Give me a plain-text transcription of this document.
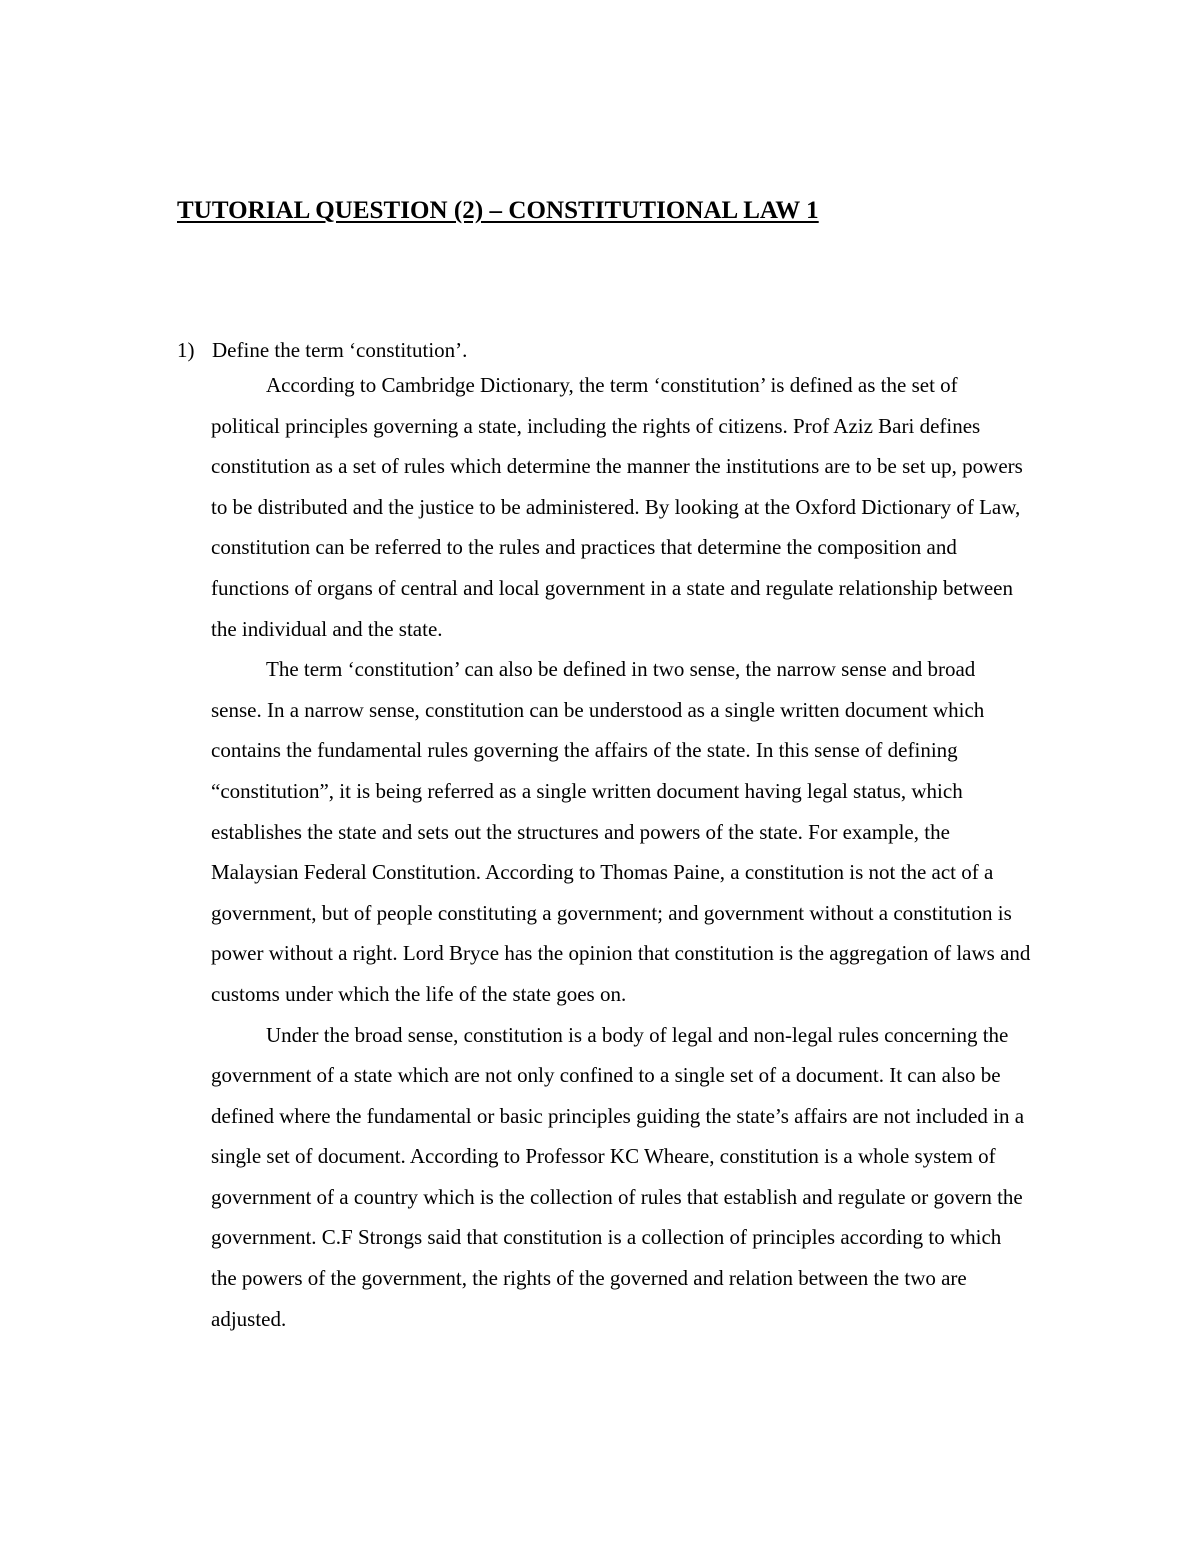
TUTORIAL QUESTION (2) – CONSTITUTIONAL LAW 1

1) Define the term ‘constitution’.

According to Cambridge Dictionary, the term ‘constitution’ is defined as the set of political principles governing a state, including the rights of citizens. Prof Aziz Bari defines constitution as a set of rules which determine the manner the institutions are to be set up, powers to be distributed and the justice to be administered. By looking at the Oxford Dictionary of Law, constitution can be referred to the rules and practices that determine the composition and functions of organs of central and local government in a state and regulate relationship between the individual and the state.

The term ‘constitution’ can also be defined in two sense, the narrow sense and broad sense. In a narrow sense, constitution can be understood as a single written document which contains the fundamental rules governing the affairs of the state. In this sense of defining “constitution”, it is being referred as a single written document having legal status, which establishes the state and sets out the structures and powers of the state. For example, the Malaysian Federal Constitution. According to Thomas Paine, a constitution is not the act of a government, but of people constituting a government; and government without a constitution is power without a right. Lord Bryce has the opinion that constitution is the aggregation of laws and customs under which the life of the state goes on.

Under the broad sense, constitution is a body of legal and non-legal rules concerning the government of a state which are not only confined to a single set of a document. It can also be defined where the fundamental or basic principles guiding the state’s affairs are not included in a single set of document. According to Professor KC Wheare, constitution is a whole system of government of a country which is the collection of rules that establish and regulate or govern the government. C.F Strongs said that constitution is a collection of principles according to which the powers of the government, the rights of the governed and relation between the two are adjusted.
